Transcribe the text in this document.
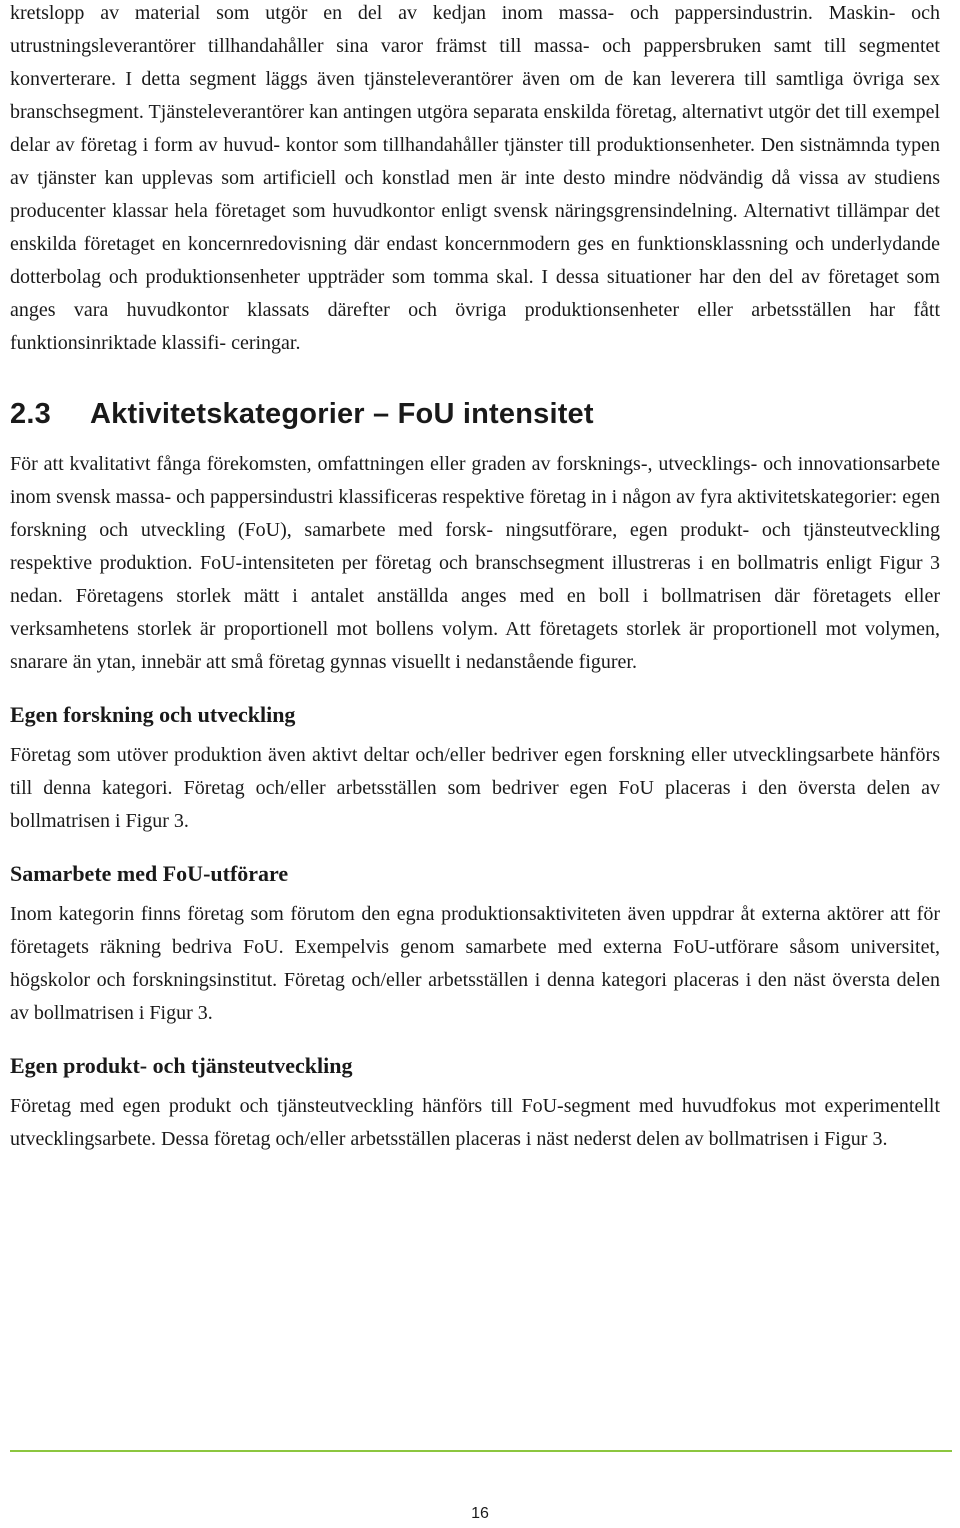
kretslopp av material som utgör en del av kedjan inom massa- och pappersindustrin. Maskin- och utrustningsleverantörer tillhandahåller sina varor främst till massa- och pappersbruken samt till segmentet konverterare. I detta segment läggs även tjänsteleverantörer även om de kan leverera till samtliga övriga sex branschsegment. Tjänsteleverantörer kan antingen utgöra separata enskilda företag, alternativt utgör det till exempel delar av företag i form av huvud- kontor som tillhandahåller tjänster till produktionsenheter. Den sistnämnda typen av tjänster kan upplevas som artificiell och konstlad men är inte desto mindre nödvändig då vissa av studiens producenter klassar hela företaget som huvudkontor enligt svensk näringsgrensindelning. Alternativt tillämpar det enskilda företaget en koncernredovisning där endast koncernmodern ges en funktionsklassning och underlydande dotterbolag och produktionsenheter uppträder som tomma skal. I dessa situationer har den del av företaget som anges vara huvudkontor klassats därefter och övriga produktionsenheter eller arbetsställen har fått funktionsinriktade klassifi- ceringar.

2.3 Aktivitetskategorier – FoU intensitet

För att kvalitativt fånga förekomsten, omfattningen eller graden av forsknings-, utvecklings- och innovationsarbete inom svensk massa- och pappersindustri klassificeras respektive företag in i någon av fyra aktivitetskategorier: egen forskning och utveckling (FoU), samarbete med forsk- ningsutförare, egen produkt- och tjänsteutveckling respektive produktion. FoU-intensiteten per företag och branschsegment illustreras i en bollmatris enligt Figur 3 nedan. Företagens storlek mätt i antalet anställda anges med en boll i bollmatrisen där företagets eller verksamhetens storlek är proportionell mot bollens volym. Att företagets storlek är proportionell mot volymen, snarare än ytan, innebär att små företag gynnas visuellt i nedanstående figurer.

Egen forskning och utveckling

Företag som utöver produktion även aktivt deltar och/eller bedriver egen forskning eller utvecklingsarbete hänförs till denna kategori. Företag och/eller arbetsställen som bedriver egen FoU placeras i den översta delen av bollmatrisen i Figur 3.

Samarbete med FoU-utförare

Inom kategorin finns företag som förutom den egna produktionsaktiviteten även uppdrar åt externa aktörer att för företagets räkning bedriva FoU. Exempelvis genom samarbete med externa FoU-utförare såsom universitet, högskolor och forskningsinstitut. Företag och/eller arbetsställen i denna kategori placeras i den näst översta delen av bollmatrisen i Figur 3.

Egen produkt- och tjänsteutveckling

Företag med egen produkt och tjänsteutveckling hänförs till FoU-segment med huvudfokus mot experimentellt utvecklingsarbete. Dessa företag och/eller arbetsställen placeras i näst nederst delen av bollmatrisen i Figur 3.

16
